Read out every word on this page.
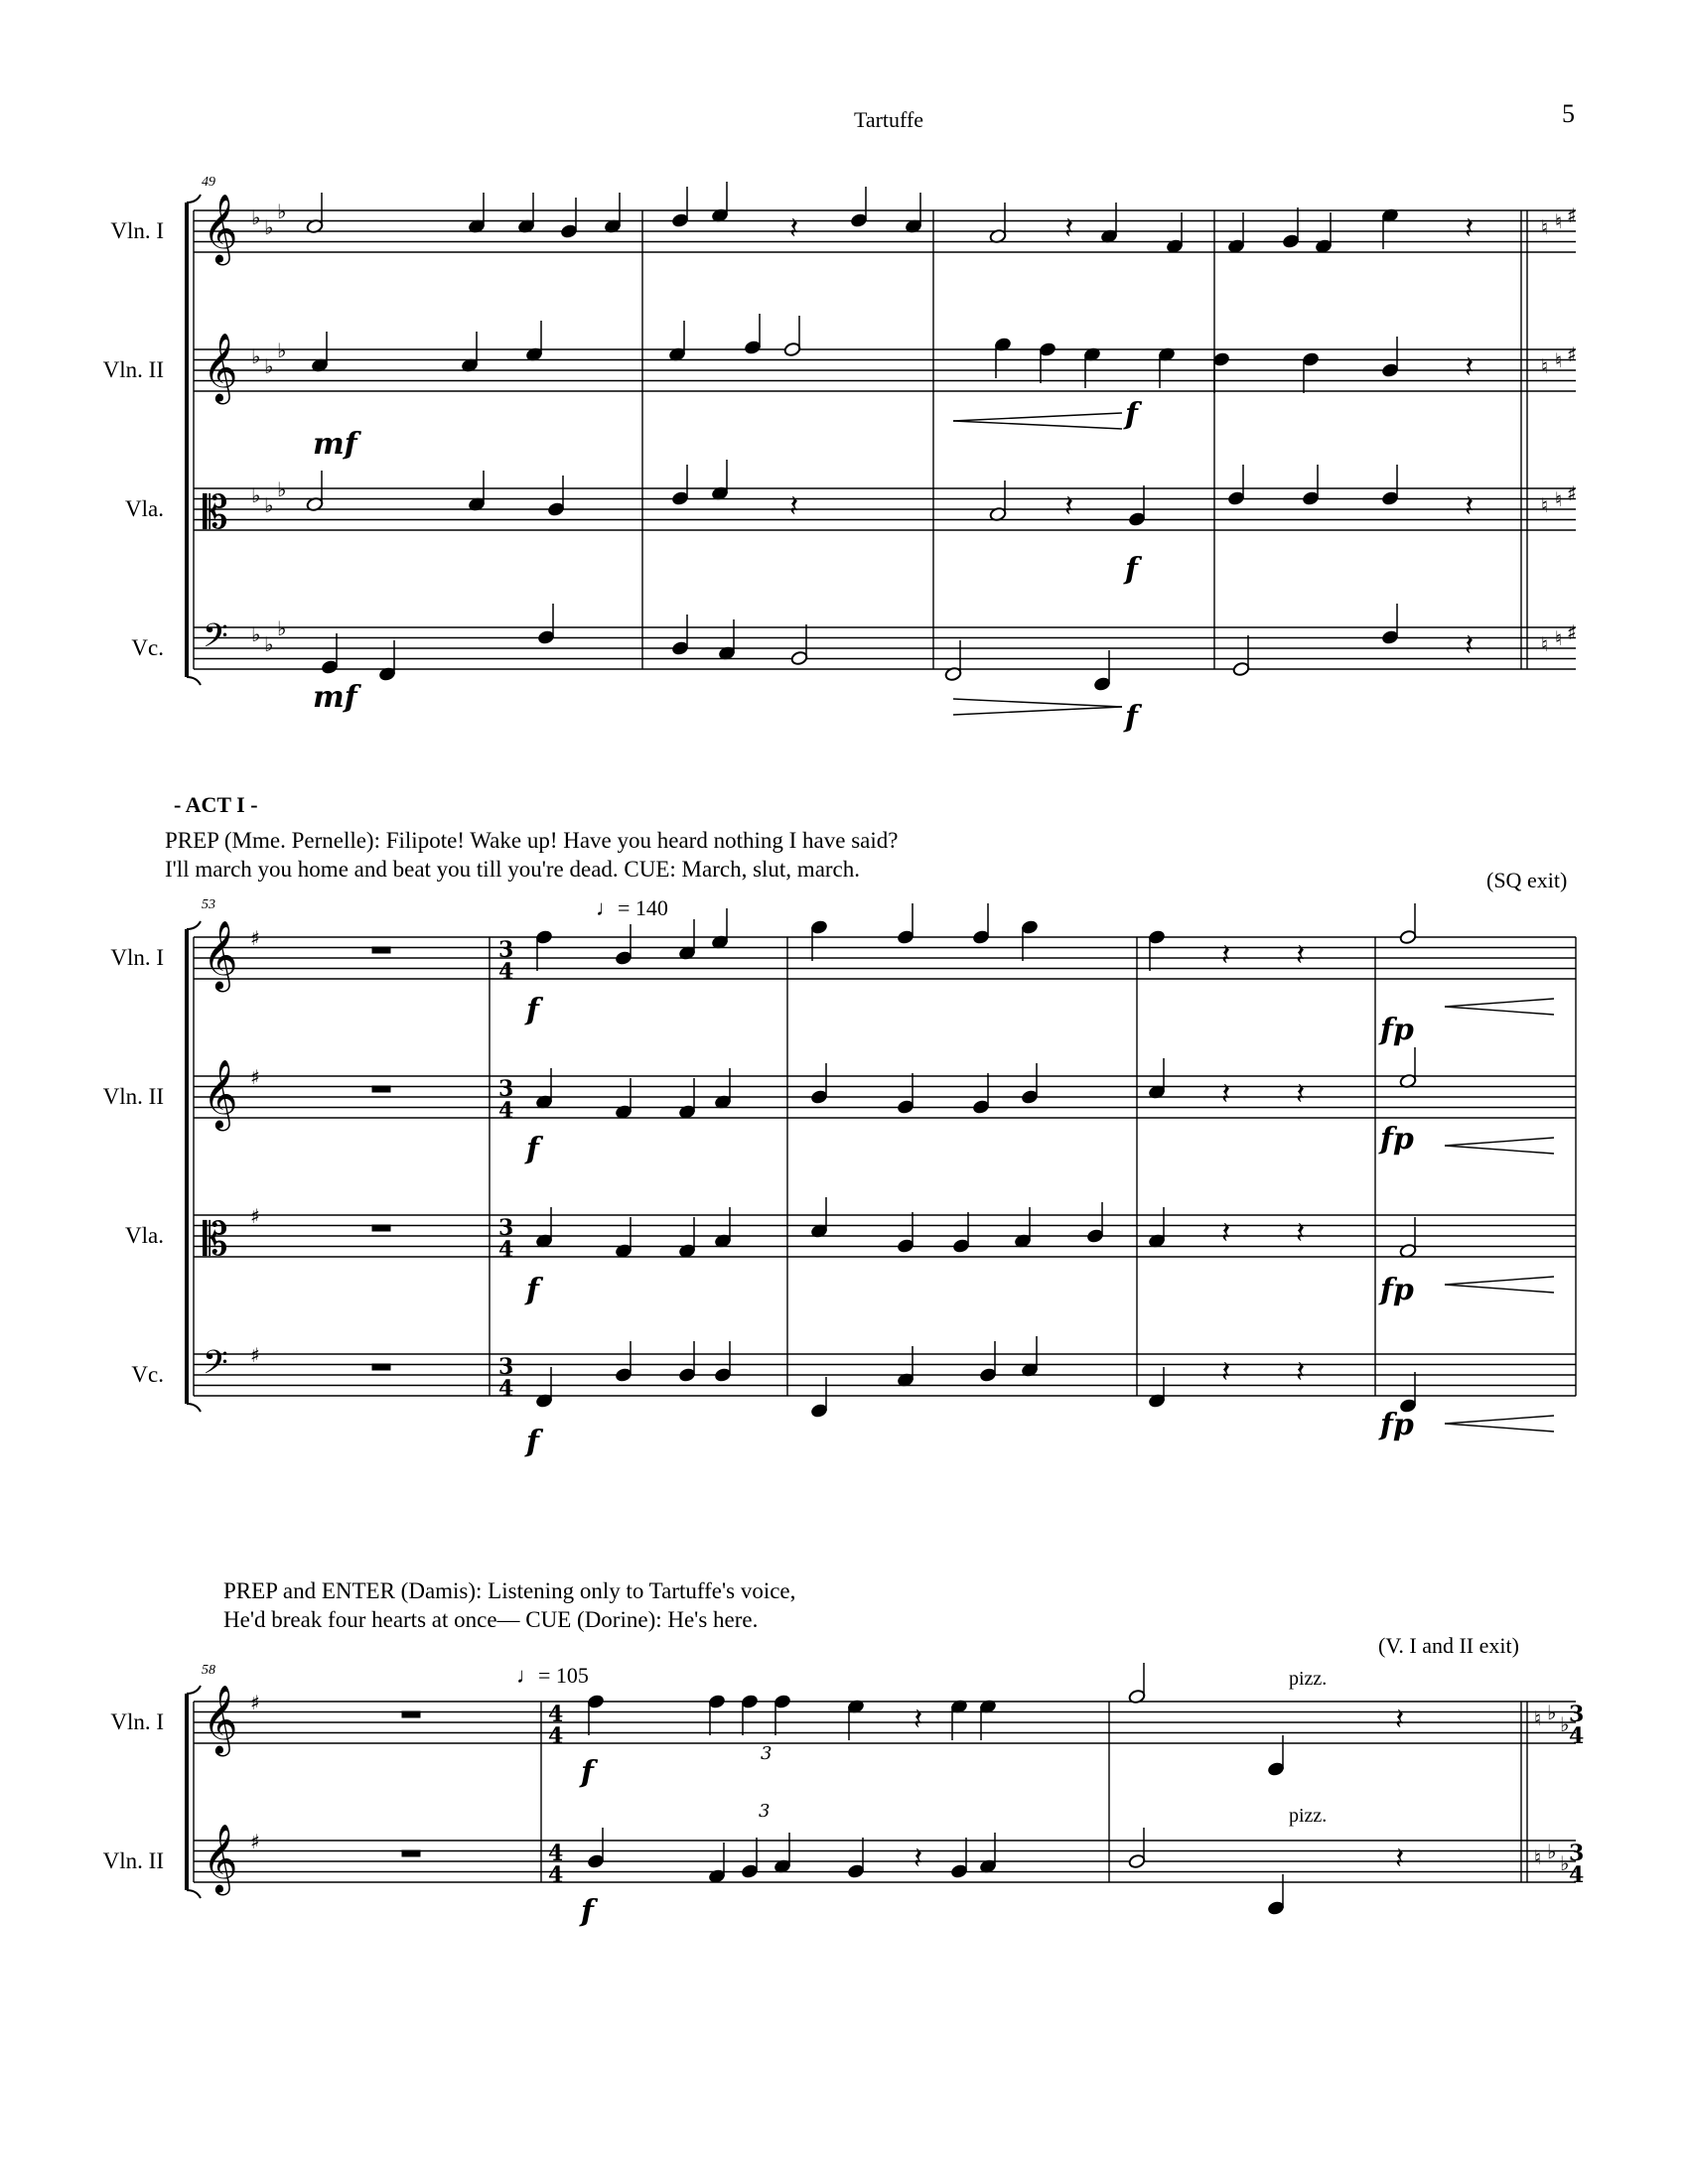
Tartuffe	5
49
Vln. I
Vln. II
Vla.
Vc.
- ACT I -
PREP (Mme. Pernelle): Filipote! Wake up! Have you heard nothing I have said?
I'll march you home and beat you till you're dead. CUE: March, slut, march.	(SQ exit)
53	♩= 140
Vln. I
Vln. II
Vla.
Vc.
PREP and ENTER (Damis): Listening only to Tartuffe's voice,
He'd break four hearts at once— CUE (Dorine): He's here.
(V. I and II exit)
58	♩= 105	pizz.
pizz.
Vln. I
Vln. II
𝄞 ♭ ♭
♭
♮ ♮ ♯
𝄞 ♭ ♭
♭
♮ ♮ ♯
𝄡 ♭ ♭
♭
♮ ♮ ♯
𝄢 ♭ ♭
♭
♮ ♮ ♯
𝄽	𝄽	𝄽
𝄽
𝄽	𝄽	𝄽
𝄽
𝄞 ♯	3
4
𝄞 ♯	3
4
𝄡 ♯	3
4
𝄢 ♯	3
4
𝄽 𝄽
𝄽 𝄽
𝄽 𝄽
𝄽 𝄽
𝄞 ♯	4
4
♮ ♭ ♭ 3
4
𝄞 ♯	4
4
♮ ♭ ♭ 3
4
𝄽	𝄽
𝄽	𝄽
3
3
mf
mf
f
f
f
f
fp
f	fp
f	fp
f	fp
f
f
